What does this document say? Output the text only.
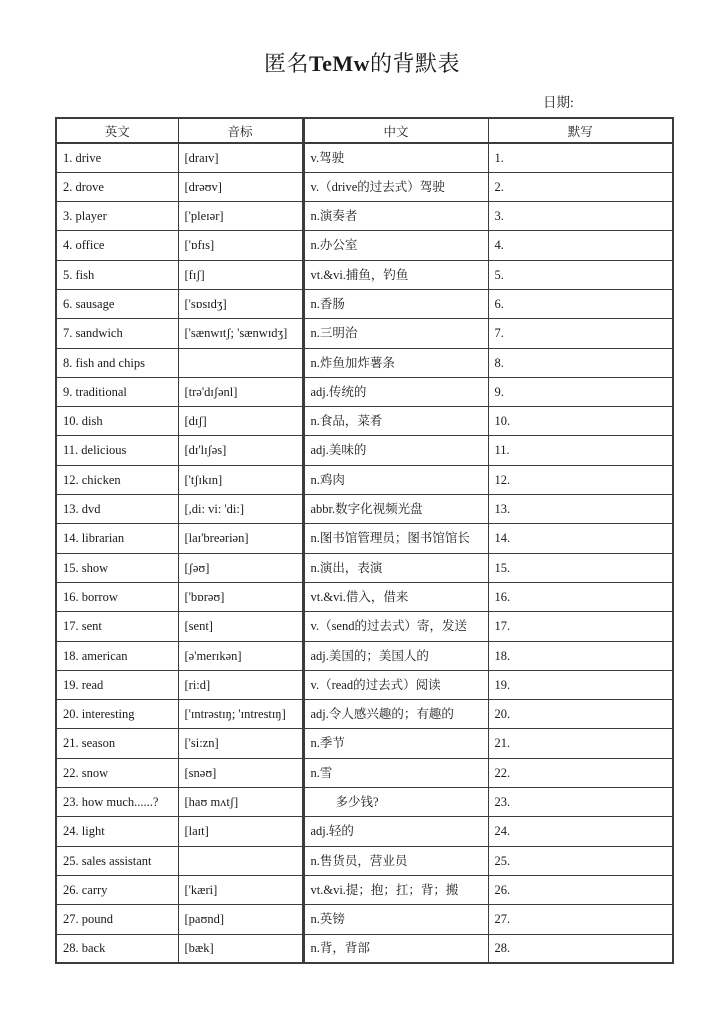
匿名TeMw的背默表
日期:
英文	音标	中文	默写
1. drive	[draɪv]	v.驾驶	1.
2. drove	[drəʊv]	v.（drive的过去式）驾驶	2.
3. player	['pleɪər]	n.演奏者	3.
4. office	['ɒfɪs]	n.办公室	4.
5. fish	[fɪʃ]	vt.&vi.捕鱼，钓鱼	5.
6. sausage	['sɒsɪdʒ]	n.香肠	6.
7. sandwich	['sænwɪtʃ; 'sænwɪdʒ]	n.三明治	7.
8. fish and chips		n.炸鱼加炸薯条	8.
9. traditional	[trə'dɪʃənl]	adj.传统的	9.
10. dish	[dɪʃ]	n.食品，菜肴	10.
11. delicious	[dɪ'lɪʃəs]	adj.美味的	11.
12. chicken	['tʃɪkɪn]	n.鸡肉	12.
13. dvd	[,di: vi: 'di:]	abbr.数字化视频光盘	13.
14. librarian	[laɪ'breəriən]	n.图书馆管理员；图书馆馆长	14.
15. show	[ʃəʊ]	n.演出，表演	15.
16. borrow	['bɒrəʊ]	vt.&vi.借入，借来	16.
17. sent	[sent]	v.（send的过去式）寄，发送	17.
18. american	[ə'merɪkən]	adj.美国的；美国人的	18.
19. read	[ri:d]	v.（read的过去式）阅读	19.
20. interesting	['ɪntrəstɪŋ; 'ɪntrestɪŋ]	adj.令人感兴趣的；有趣的	20.
21. season	['si:zn]	n.季节	21.
22. snow	[snəʊ]	n.雪	22.
23. how much......?	[haʊ mʌtʃ]	　　多少钱?	23.
24. light	[laɪt]	adj.轻的	24.
25. sales assistant		n.售货员，营业员	25.
26. carry	['kæri]	vt.&vi.提；抱；扛；背；搬	26.
27. pound	[paʊnd]	n.英镑	27.
28. back	[bæk]	n.背，背部	28.
